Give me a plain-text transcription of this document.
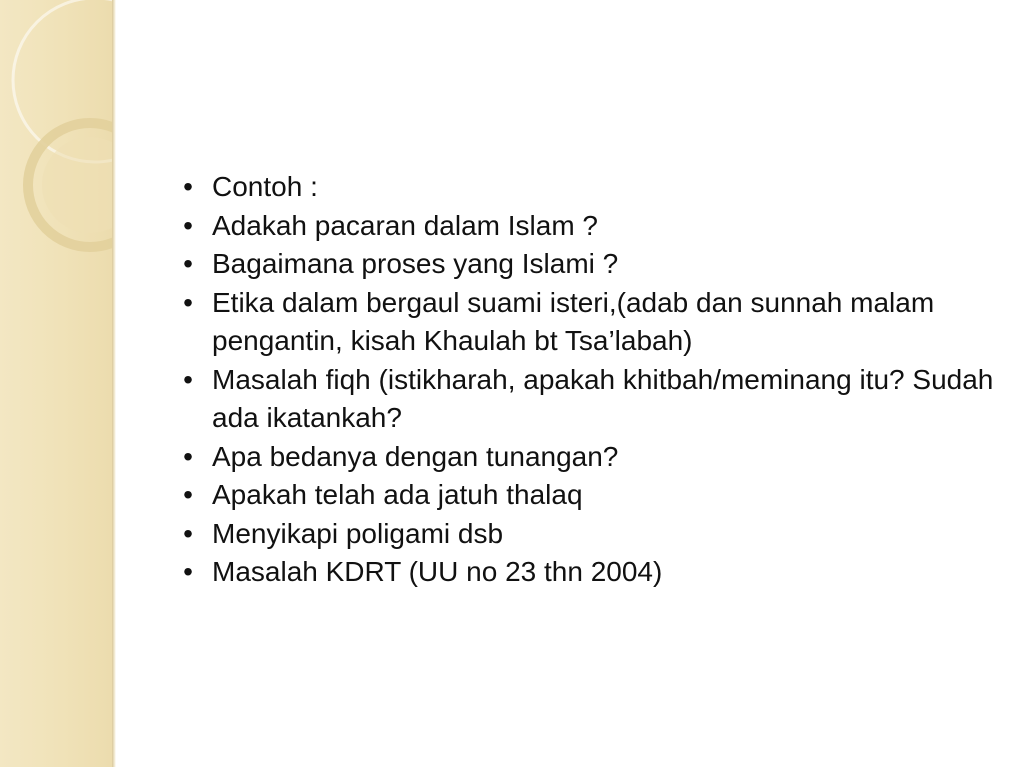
• Contoh :
• Adakah pacaran dalam Islam ?
• Bagaimana proses yang Islami ?
• Etika dalam bergaul suami isteri,(adab dan sunnah malam pengantin, kisah Khaulah bt Tsa’labah)
• Masalah fiqh (istikharah, apakah khitbah/meminang itu? Sudah ada ikatankah?
• Apa bedanya dengan tunangan?
• Apakah telah ada jatuh thalaq
• Menyikapi poligami dsb
• Masalah KDRT (UU no 23 thn 2004)
